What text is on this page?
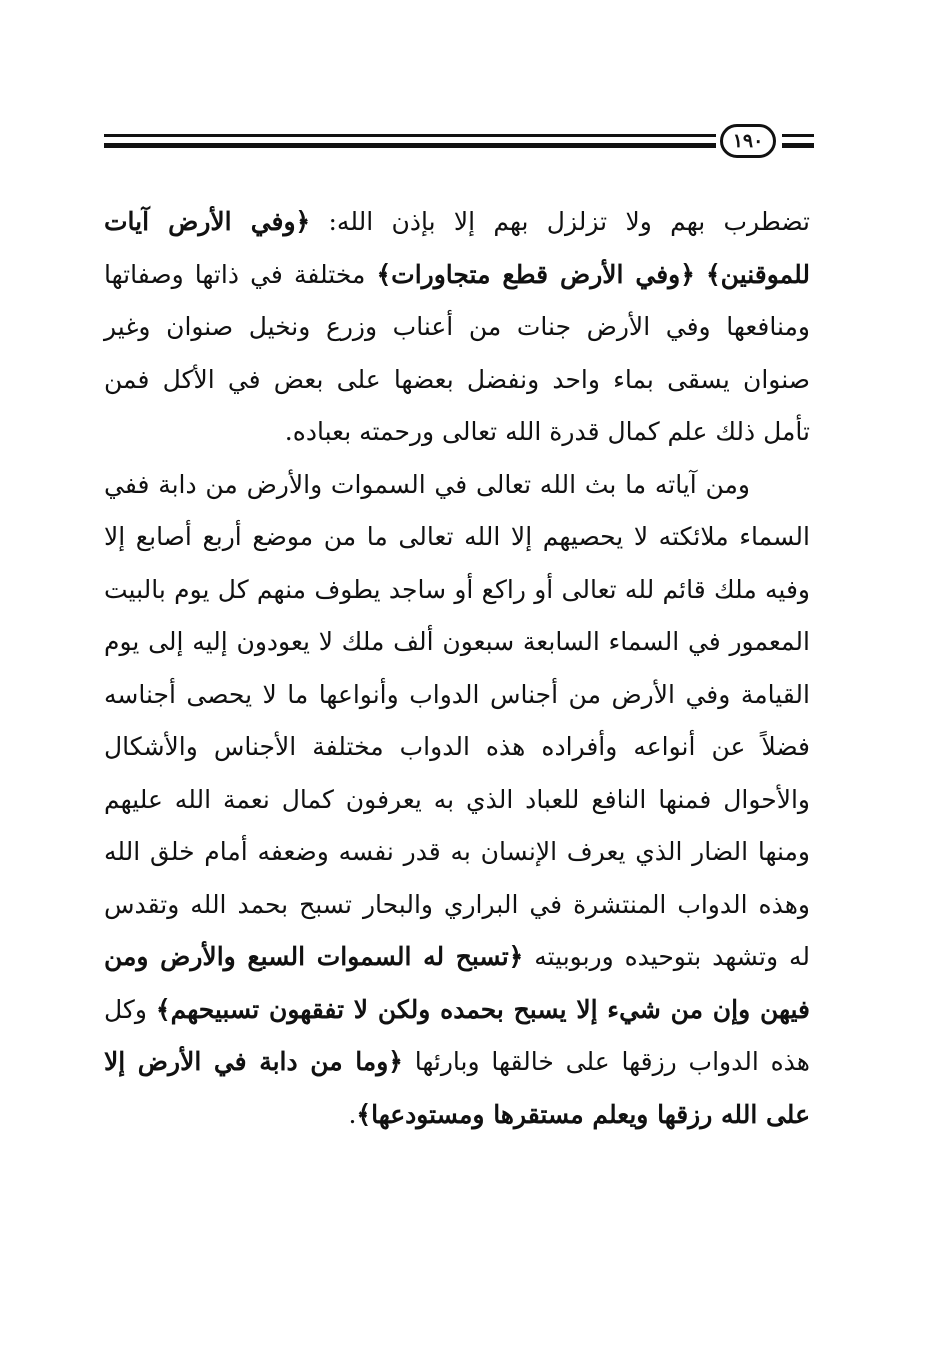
١٩٠

تضطرب بهم ولا تزلزل بهم إلا بإذن الله: ﴿وفي الأرض آيات للموقنين﴾ ﴿وفي الأرض قطع متجاورات﴾ مختلفة في ذاتها وصفاتها ومنافعها وفي الأرض جنات من أعناب وزرع ونخيل صنوان وغير صنوان يسقى بماء واحد ونفضل بعضها على بعض في الأكل فمن تأمل ذلك علم كمال قدرة الله تعالى ورحمته بعباده.

ومن آياته ما بث الله تعالى في السموات والأرض من دابة ففي السماء ملائكته لا يحصيهم إلا الله تعالى ما من موضع أربع أصابع إلا وفيه ملك قائم لله تعالى أو راكع أو ساجد يطوف منهم كل يوم بالبيت المعمور في السماء السابعة سبعون ألف ملك لا يعودون إليه إلى يوم القيامة وفي الأرض من أجناس الدواب وأنواعها ما لا يحصى أجناسه فضلاً عن أنواعه وأفراده هذه الدواب مختلفة الأجناس والأشكال والأحوال فمنها النافع للعباد الذي به يعرفون كمال نعمة الله عليهم ومنها الضار الذي يعرف الإنسان به قدر نفسه وضعفه أمام خلق الله وهذه الدواب المنتشرة في البراري والبحار تسبح بحمد الله وتقدس له وتشهد بتوحيده وربوبيته ﴿تسبح له السموات السبع والأرض ومن فيهن وإن من شيء إلا يسبح بحمده ولكن لا تفقهون تسبيحهم﴾ وكل هذه الدواب رزقها على خالقها وبارئها ﴿وما من دابة في الأرض إلا على الله رزقها ويعلم مستقرها ومستودعها﴾.
